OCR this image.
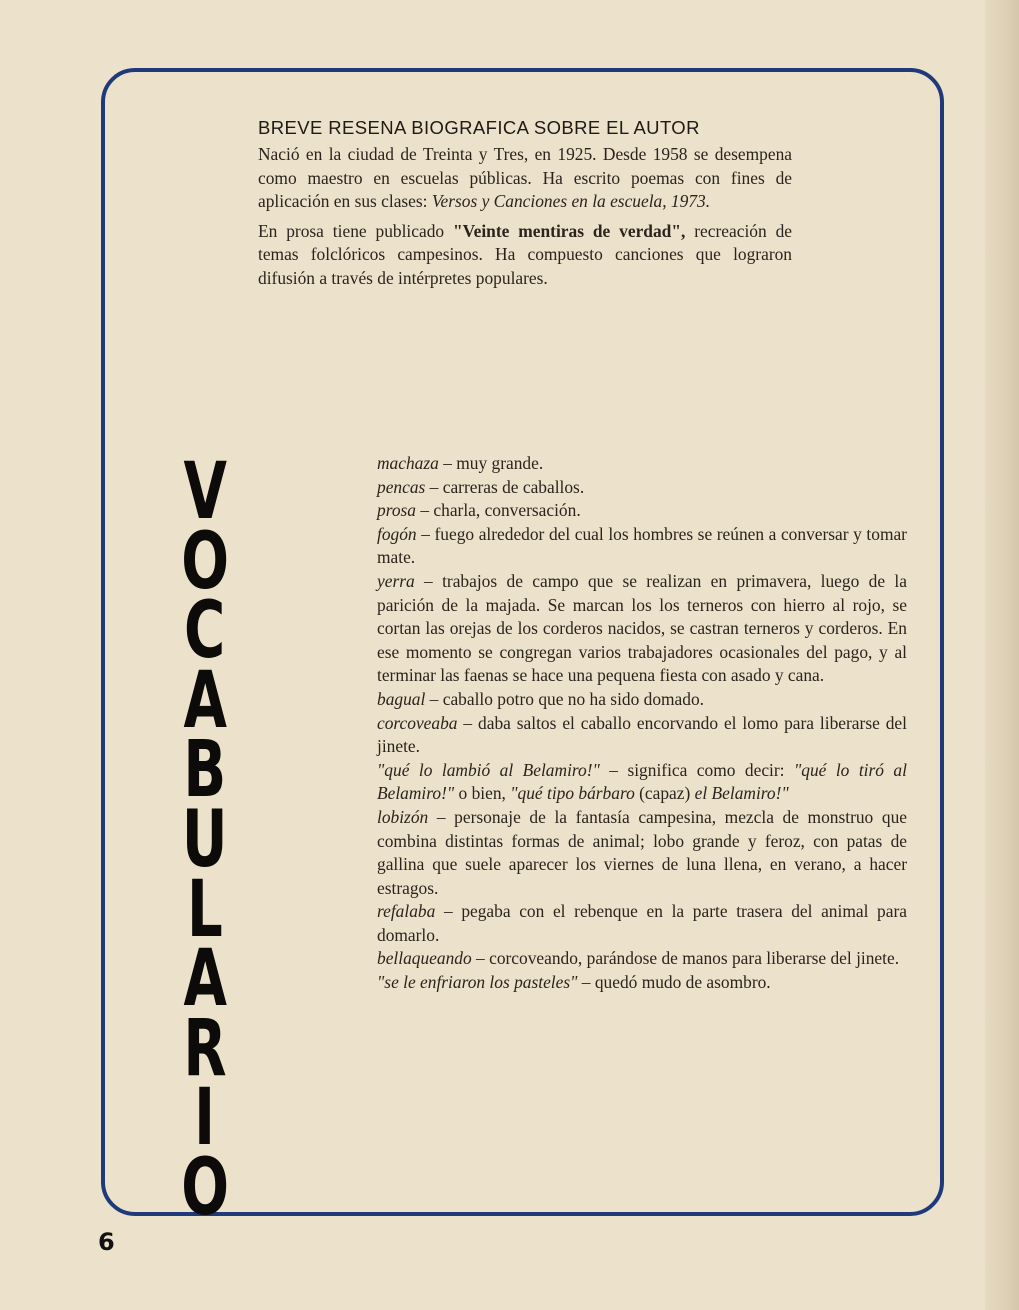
BREVE RESENA BIOGRAFICA SOBRE EL AUTOR

Nació en la ciudad de Treinta y Tres, en 1925. Desde 1958 se desempena como maestro en escuelas públicas. Ha escrito poemas con fines de aplicación en sus clases: Versos y Canciones en la escuela, 1973.

En prosa tiene publicado "Veinte mentiras de verdad", recreación de temas folclóricos campesinos. Ha compuesto canciones que lograron difusión a través de intérpretes populares.

V
O
C
A
B
U
L
A
R
I
O

machaza – muy grande.

pencas – carreras de caballos.

prosa – charla, conversación.

fogón – fuego alrededor del cual los hombres se reúnen a conversar y tomar mate.

yerra – trabajos de campo que se realizan en primavera, luego de la parición de la majada. Se marcan los los terneros con hierro al rojo, se cortan las orejas de los corderos nacidos, se castran terneros y corderos. En ese momento se congregan varios trabajadores ocasionales del pago, y al terminar las faenas se hace una pequena fiesta con asado y cana.

bagual – caballo potro que no ha sido domado.

corcoveaba – daba saltos el caballo encorvando el lomo para liberarse del jinete.

"qué lo lambió al Belamiro!" – significa como decir: "qué lo tiró al Belamiro!" o bien, "qué tipo bárbaro (capaz) el Belamiro!"

lobizón – personaje de la fantasía campesina, mezcla de monstruo que combina distintas formas de animal; lobo grande y feroz, con patas de gallina que suele aparecer los viernes de luna llena, en verano, a hacer estragos.

refalaba – pegaba con el rebenque en la parte trasera del animal para domarlo.

bellaqueando – corcoveando, parándose de manos para liberarse del jinete.

"se le enfriaron los pasteles" – quedó mudo de asombro.

6
